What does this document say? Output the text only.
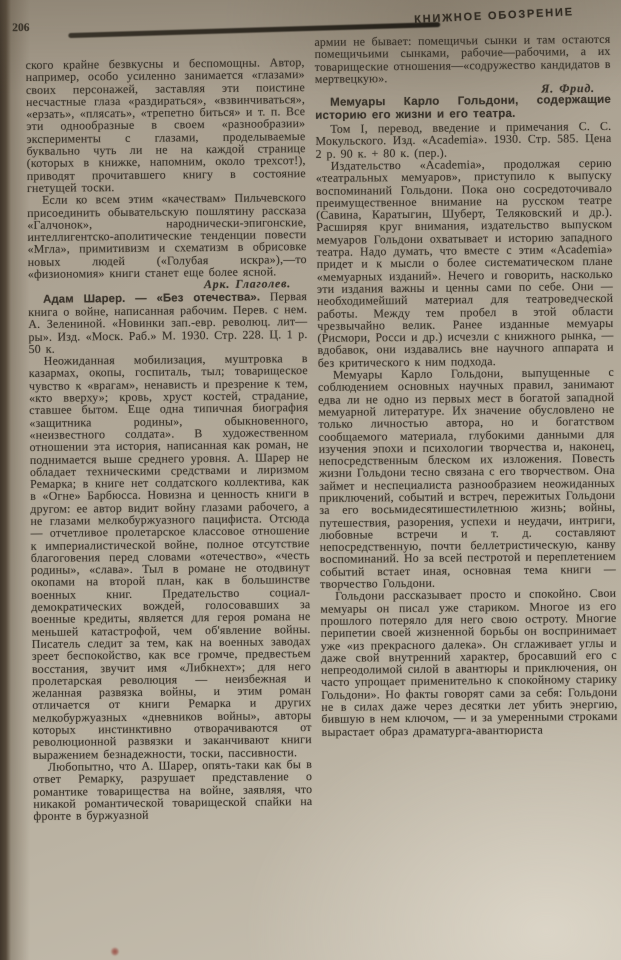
206
КНИЖНОЕ ОБОЗРЕНИЕ

ского крайне безвкусны и беспомощны. Автор, например, особо усиленно занимается «глазами» своих персонажей, заставляя эти поистине несчастные глаза «раздираться», «взвинчиваться», «ерзать», «плясать», «трепетно биться» и т. п. Все эти однообразные в своем «разнообразии» эксперименты с глазами, проделываемые буквально чуть ли не на каждой странице (которых в книжке, напомним, около трехсот!), приводят прочитавшего книгу в состояние гнетущей тоски.

Если ко всем этим «качествам» Пильчевского присоединить обывательскую пошлятину рассказа «Галчонок», народнически-эпигонские, интеллигентско-аполитические тенденции повести «Мгла», примитивизм и схематизм в обрисовке новых людей («Голубая искра»),—то «физиономия» книги станет еще более ясной.

Арк. Глаголев.

Адам Шарер. — «Без отечества». Первая книга о войне, написанная рабочим. Перев. с нем. А. Зелениной. «Новинки зап.-евр. революц. лит—ры». Изд. «Моск. Раб.» М. 1930. Стр. 228. Ц. 1 р. 50 к.

Неожиданная мобилизация, муштровка в казармах, окопы, госпиталь, тыл; товарищеское чувство к «врагам», ненависть и презрение к тем, «кто вверху»; кровь, хруст костей, страдание, ставшее бытом. Еще одна типичная биография «защитника родины», обыкновенного, «неизвестного солдата». В художественном отношении эта история, написанная как роман, не поднимается выше среднего уровня. А. Шарер не обладает техническими средствами и лиризмом Ремарка; в книге нет солдатского коллектива, как в «Огне» Барбюсса. Новизна и ценность книги в другом: ее автор видит войну глазами рабочего, а не глазами мелкобуржуазного пацифиста. Отсюда — отчетливое пролетарское классовое отношение к империалистической войне, полное отсутствие благоговения перед словами «отечество», «честь родины», «слава». Тыл в романе не отодвинут окопами на второй план, как в большинстве военных книг. Предательство социал-демократических вождей, голосовавших за военные кредиты, является для героя романа не меньшей катастрофой, чем об'явление войны. Писатель следит за тем, как на военных заводах зреет беспокойство, как все громче, предвестьем восстания, звучит имя «Либкнехт»; для него пролетарская революция — неизбежная и желанная развязка войны, и этим роман отличается от книги Ремарка и других мелкобуржуазных «дневников войны», авторы которых инстинктивно отворачиваются от революционной развязки и заканчивают книги выражением безнадежности, тоски, пассивности.

Любопытно, что А. Шарер, опять-таки как бы в ответ Ремарку, разрушает представление о романтике товарищества на войне, заявляя, что никакой романтической товарищеской спайки на фронте в буржуазной

армии не бывает: помещичьи сынки и там остаются помещичьими сынками, рабочие—рабочими, а их товарищеские отношения—«содружество кандидатов в мертвецкую».

Я. Фрид.

Мемуары Карло Гольдони, содержащие историю его жизни и его театра.

Том I, перевод, введение и примечания С. С. Мокульского. Изд. «Academia». 1930. Стр. 585. Цена 2 р. 90 к. + 80 к. (пер.).

Издательство «Academia», продолжая серию «театральных мемуаров», приступило к выпуску воспоминаний Гольдони. Пока оно сосредоточивало преимущественное внимание на русском театре (Савина, Каратыгин, Шуберт, Теляковский и др.). Расширяя круг внимания, издательство выпуском мемуаров Гольдони охватывает и историю западного театра. Надо думать, что вместе с этим «Academia» придет и к мысли о более систематическом плане «мемуарных изданий». Нечего и говорить, насколько эти издания важны и ценны сами по себе. Они — необходимейший материал для театроведческой работы. Между тем пробел в этой области чрезвычайно велик. Ранее изданные мемуары (Рисмори, Росси и др.) исчезли с книжного рынка, — вдобавок, они издавались вне научного аппарата и без критического к ним подхода.

Мемуары Карло Гольдони, выпущенные с соблюдением основных научных правил, занимают едва ли не одно из первых мест в богатой западной мемуарной литературе. Их значение обусловлено не только личностью автора, но и богатством сообщаемого материала, глубокими данными для изучения эпохи и психологии творчества и, наконец, непосредственным блеском их изложения. Повесть жизни Гольдони тесно связана с его творчеством. Она займет и неспециалиста разнообразием неожиданных приключений, событий и встреч, пережитых Гольдони за его восьмидесятишестилетнюю жизнь; войны, путешествия, разорения, успехи и неудачи, интриги, любовные встречи и т. д. составляют непосредственную, почти беллетристическую, канву воспоминаний. Но за всей пестротой и переплетением событий встает иная, основная тема книги — творчество Гольдони.

Гольдони рассказывает просто и спокойно. Свои мемуары он писал уже стариком. Многое из его прошлого потеряло для него свою остроту. Многие перипетии своей жизненной борьбы он воспринимает уже «из прекрасного далека». Он сглаживает углы и даже свой внутренний характер, бросавший его с непреодолимой силой в авантюры и приключения, он часто упрощает применительно к спокойному старику Гольдони». Но факты говорят сами за себя: Гольдони не в силах даже через десятки лет убить энергию, бившую в нем ключом, — и за умеренными строками вырастает образ драматурга-авантюриста
